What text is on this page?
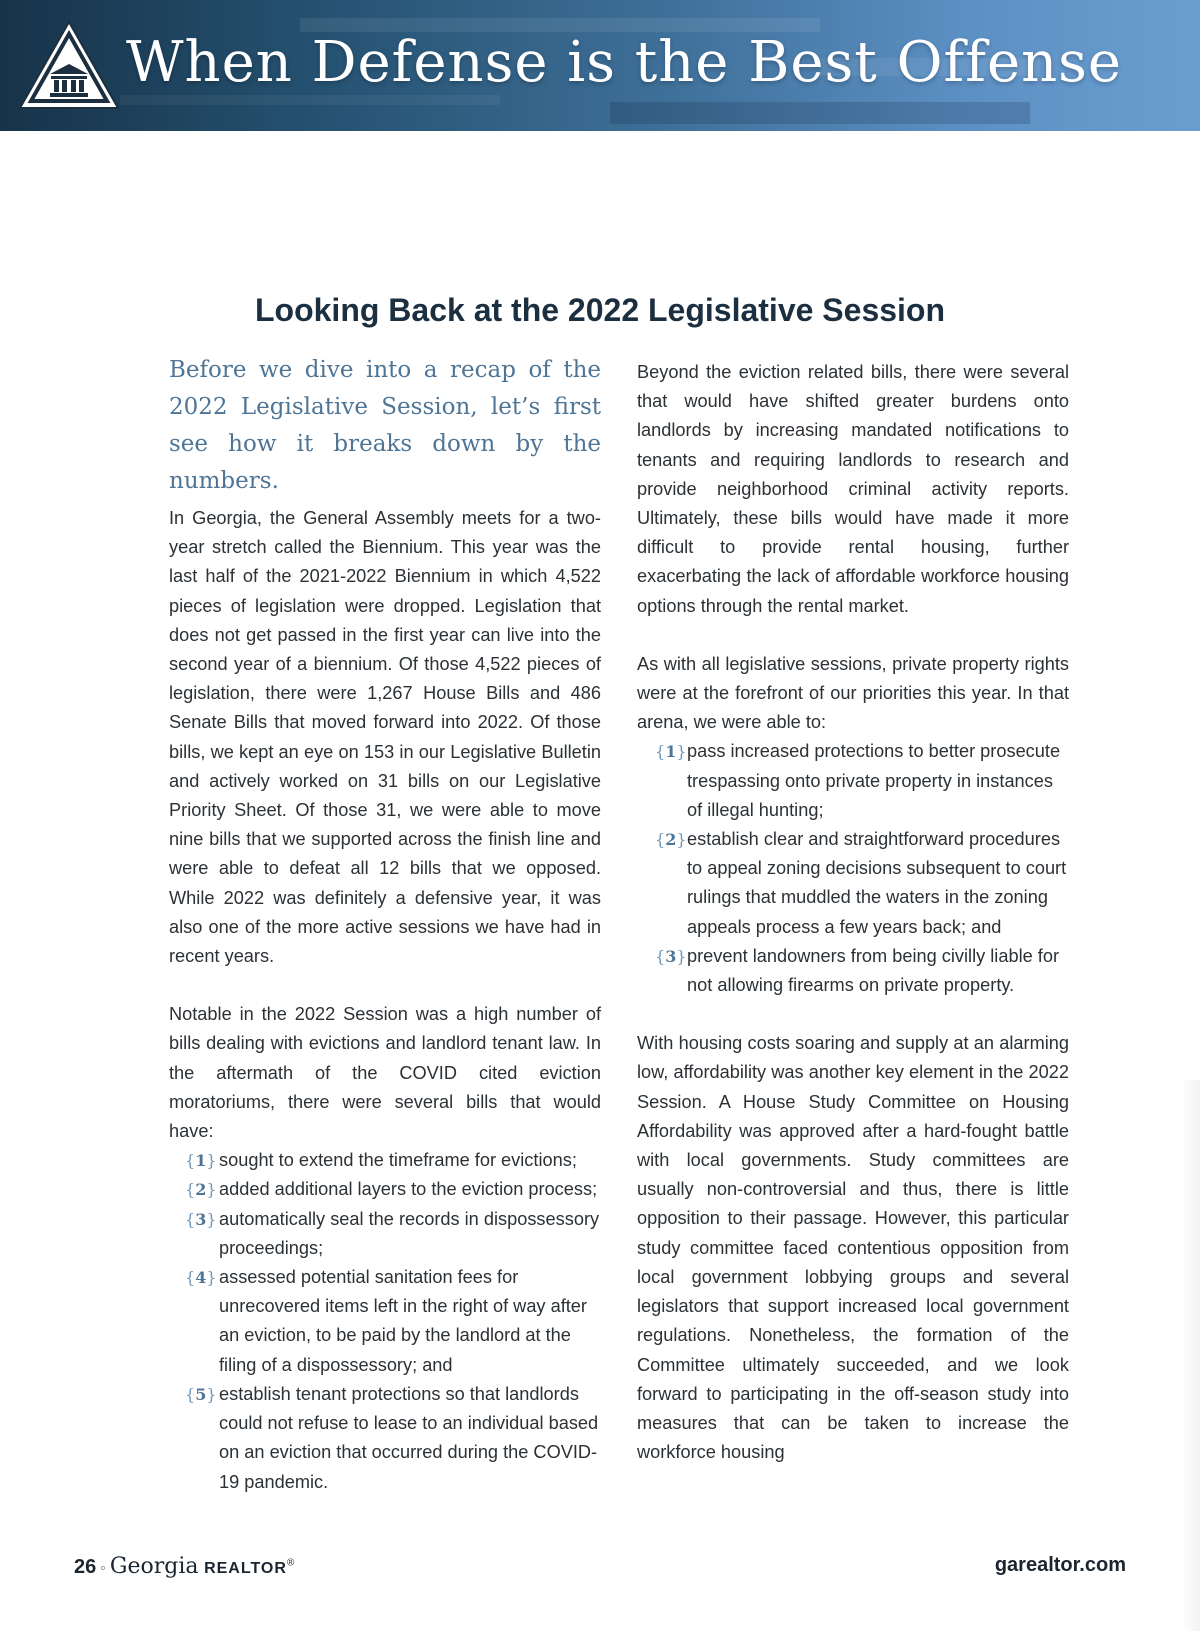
When Defense is the Best Offense
Looking Back at the 2022 Legislative Session

Before we dive into a recap of the 2022 Legislative Session, let’s first see how it breaks down by the numbers.

In Georgia, the General Assembly meets for a two-year stretch called the Biennium. This year was the last half of the 2021-2022 Biennium in which 4,522 pieces of legislation were dropped. Legislation that does not get passed in the first year can live into the second year of a biennium. Of those 4,522 pieces of legislation, there were 1,267 House Bills and 486 Senate Bills that moved forward into 2022. Of those bills, we kept an eye on 153 in our Legislative Bulletin and actively worked on 31 bills on our Legislative Priority Sheet. Of those 31, we were able to move nine bills that we supported across the finish line and were able to defeat all 12 bills that we opposed. While 2022 was definitely a defensive year, it was also one of the more active sessions we have had in recent years.

Notable in the 2022 Session was a high number of bills dealing with evictions and landlord tenant law. In the aftermath of the COVID cited eviction moratoriums, there were several bills that would have:

{1} sought to extend the timeframe for evictions;
{2} added additional layers to the eviction process;
{3} automatically seal the records in dispossessory proceedings;
{4} assessed potential sanitation fees for unrecovered items left in the right of way after an eviction, to be paid by the landlord at the filing of a dispossessory; and
{5} establish tenant protections so that landlords could not refuse to lease to an individual based on an eviction that occurred during the COVID-19 pandemic.

Beyond the eviction related bills, there were several that would have shifted greater burdens onto landlords by increasing mandated notifications to tenants and requiring landlords to research and provide neighborhood criminal activity reports. Ultimately, these bills would have made it more difficult to provide rental housing, further exacerbating the lack of affordable workforce housing options through the rental market.

As with all legislative sessions, private property rights were at the forefront of our priorities this year. In that arena, we were able to:

{1} pass increased protections to better prosecute trespassing onto private property in instances of illegal hunting;
{2} establish clear and straightforward procedures to appeal zoning decisions subsequent to court rulings that muddled the waters in the zoning appeals process a few years back; and
{3} prevent landowners from being civilly liable for not allowing firearms on private property.

With housing costs soaring and supply at an alarming low, affordability was another key element in the 2022 Session. A House Study Committee on Housing Affordability was approved after a hard-fought battle with local governments. Study committees are usually non-controversial and thus, there is little opposition to their passage. However, this particular study committee faced contentious opposition from local government lobbying groups and several legislators that support increased local government regulations. Nonetheless, the formation of the Committee ultimately succeeded, and we look forward to participating in the off-season study into measures that can be taken to increase the workforce housing

26 ◦ Georgia REALTOR®	garealtor.com
